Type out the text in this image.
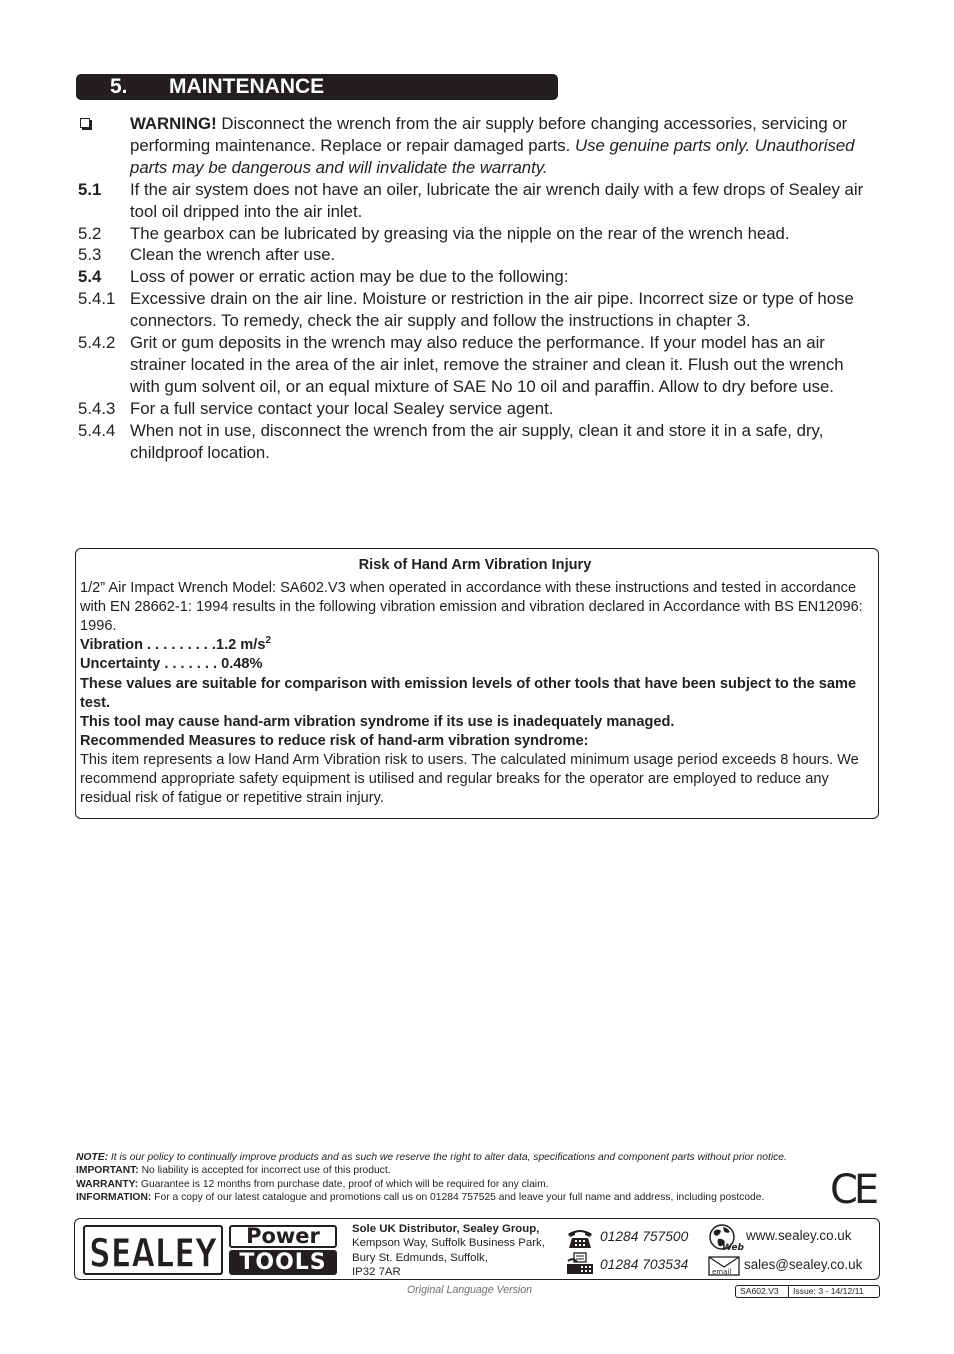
5. MAINTENANCE
WARNING! Disconnect the wrench from the air supply before changing accessories, servicing or performing maintenance. Replace or repair damaged parts. Use genuine parts only. Unauthorised parts may be dangerous and will invalidate the warranty.
5.1 If the air system does not have an oiler, lubricate the air wrench daily with a few drops of Sealey air tool oil dripped into the air inlet.
5.2 The gearbox can be lubricated by greasing via the nipple on the rear of the wrench head.
5.3 Clean the wrench after use.
5.4 Loss of power or erratic action may be due to the following:
5.4.1 Excessive drain on the air line. Moisture or restriction in the air pipe. Incorrect size or type of hose connectors. To remedy, check the air supply and follow the instructions in chapter 3.
5.4.2 Grit or gum deposits in the wrench may also reduce the performance. If your model has an air strainer located in the area of the air inlet, remove the strainer and clean it. Flush out the wrench with gum solvent oil, or an equal mixture of SAE No 10 oil and paraffin. Allow to dry before use.
5.4.3 For a full service contact your local Sealey service agent.
5.4.4 When not in use, disconnect the wrench from the air supply, clean it and store it in a safe, dry, childproof location.
Risk of Hand Arm Vibration Injury
1/2” Air Impact Wrench Model: SA602.V3 when operated in accordance with these instructions and tested in accordance with EN 28662-1: 1994 results in the following vibration emission and vibration declared in Accordance with BS EN12096: 1996.
Vibration . . . . . . . . .1.2 $m/s^2$
Uncertainty . . . . . . . 0.48%
These values are suitable for comparison with emission levels of other tools that have been subject to the same test.
This tool may cause hand-arm vibration syndrome if its use is inadequately managed.
Recommended Measures to reduce risk of hand-arm vibration syndrome:
This item represents a low Hand Arm Vibration risk to users. The calculated minimum usage period exceeds 8 hours. We recommend appropriate safety equipment is utilised and regular breaks for the operator are employed to reduce any residual risk of fatigue or repetitive strain injury.
NOTE: It is our policy to continually improve products and as such we reserve the right to alter data, specifications and component parts without prior notice.
IMPORTANT: No liability is accepted for incorrect use of this product.
WARRANTY: Guarantee is 12 months from purchase date, proof of which will be required for any claim.
INFORMATION: For a copy of our latest catalogue and promotions call us on 01284 757525 and leave your full name and address, including postcode.	CE
SEALEY	Power
TOOLS
Sole UK Distributor, Sealey Group,
Kempson Way, Suffolk Business Park,
Bury St. Edmunds, Suffolk,
IP32 7AR
01284 757500
01284 703534
Web
www.sealey.co.uk
email sales@sealey.co.uk
Original Language Version	SA602.V3 Issue: 3 - 14/12/11
